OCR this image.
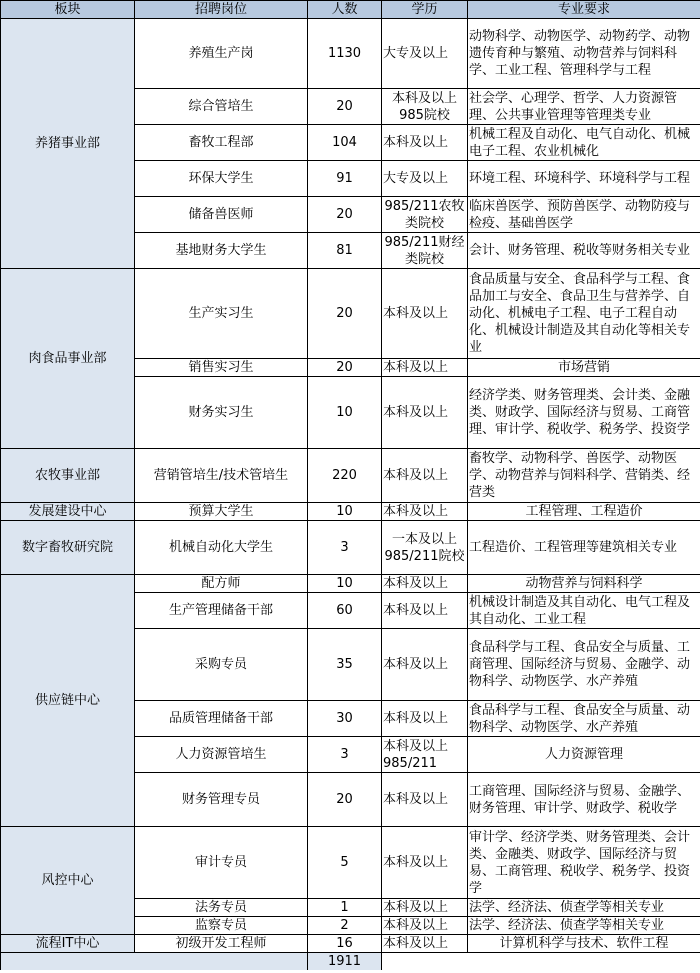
板块	招聘岗位	人数	学历	专业要求
养猪事业部	养殖生产岗	1130	大专及以上	动物科学、动物医学、动物药学、动物遗传育种与繁殖、动物营养与饲料科学、工业工程、管理科学与工程
	综合管培生	20	本科及以上985院校	社会学、心理学、哲学、人力资源管理、公共事业管理等管理类专业
	畜牧工程部	104	本科及以上	机械工程及自动化、电气自动化、机械电子工程、农业机械化
	环保大学生	91	大专及以上	环境工程、环境科学、环境科学与工程
	储备兽医师	20	985/211农牧类院校	临床兽医学、预防兽医学、动物防疫与检疫、基础兽医学
	基地财务大学生	81	985/211财经类院校	会计、财务管理、税收等财务相关专业
肉食品事业部	生产实习生	20	本科及以上	食品质量与安全、食品科学与工程、食品加工与安全、食品卫生与营养学、自动化、机械电子工程、电子工程自动化、机械设计制造及其自动化等相关专业
	销售实习生	20	本科及以上	市场营销
	财务实习生	10	本科及以上	经济学类、财务管理类、会计类、金融类、财政学、国际经济与贸易、工商管理、审计学、税收学、税务学、投资学
农牧事业部	营销管培生/技术管培生	220	本科及以上	畜牧学、动物科学、兽医学、动物医学、动物营养与饲料科学、营销类、经营类
发展建设中心	预算大学生	10	本科及以上	工程管理、工程造价
数字畜牧研究院	机械自动化大学生	3	一本及以上985/211院校	工程造价、工程管理等建筑相关专业
供应链中心	配方师	10	本科及以上	动物营养与饲料科学
	生产管理储备干部	60	本科及以上	机械设计制造及其自动化、电气工程及其自动化、工业工程
	采购专员	35	本科及以上	食品科学与工程、食品安全与质量、工商管理、国际经济与贸易、金融学、动物科学、动物医学、水产养殖
	品质管理储备干部	30	本科及以上	食品科学与工程、食品安全与质量、动物科学、动物医学、水产养殖
	人力资源管培生	3	本科及以上985/211	人力资源管理
	财务管理专员	20	本科及以上	工商管理、国际经济与贸易、金融学、财务管理、审计学、财政学、税收学
风控中心	审计专员	5	本科及以上	审计学、经济学类、财务管理类、会计类、金融类、财政学、国际经济与贸易、工商管理、税收学、税务学、投资学
	法务专员	1	本科及以上	法学、经济法、侦查学等相关专业
	监察专员	2	本科及以上	法学、经济法、侦查学等相关专业
流程IT中心	初级开发工程师	16	本科及以上	计算机科学与技术、软件工程
		1911		
